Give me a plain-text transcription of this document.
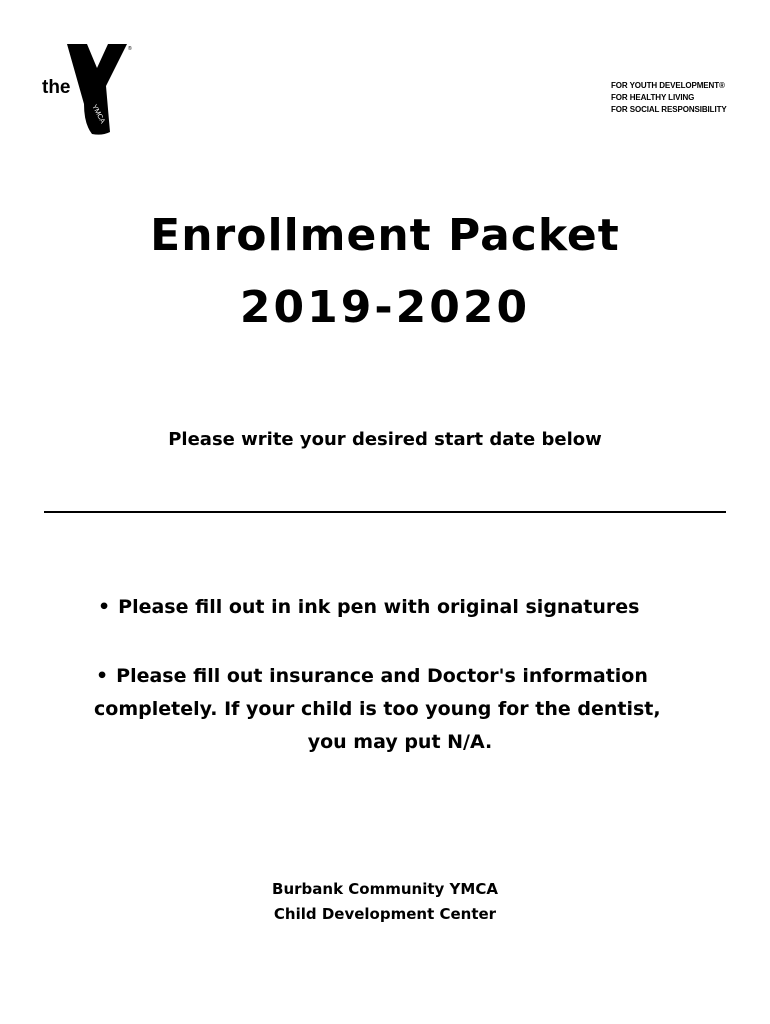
the
YMCA
®
FOR YOUTH DEVELOPMENT®
FOR HEALTHY LIVING
FOR SOCIAL RESPONSIBILITY
Enrollment Packet
2019-2020
Please write your desired start date below
• Please fill out in ink pen with original signatures
• Please fill out insurance and Doctor's information
completely. If your child is too young for the dentist,
you may put N/A.
Burbank Community YMCA
Child Development Center
